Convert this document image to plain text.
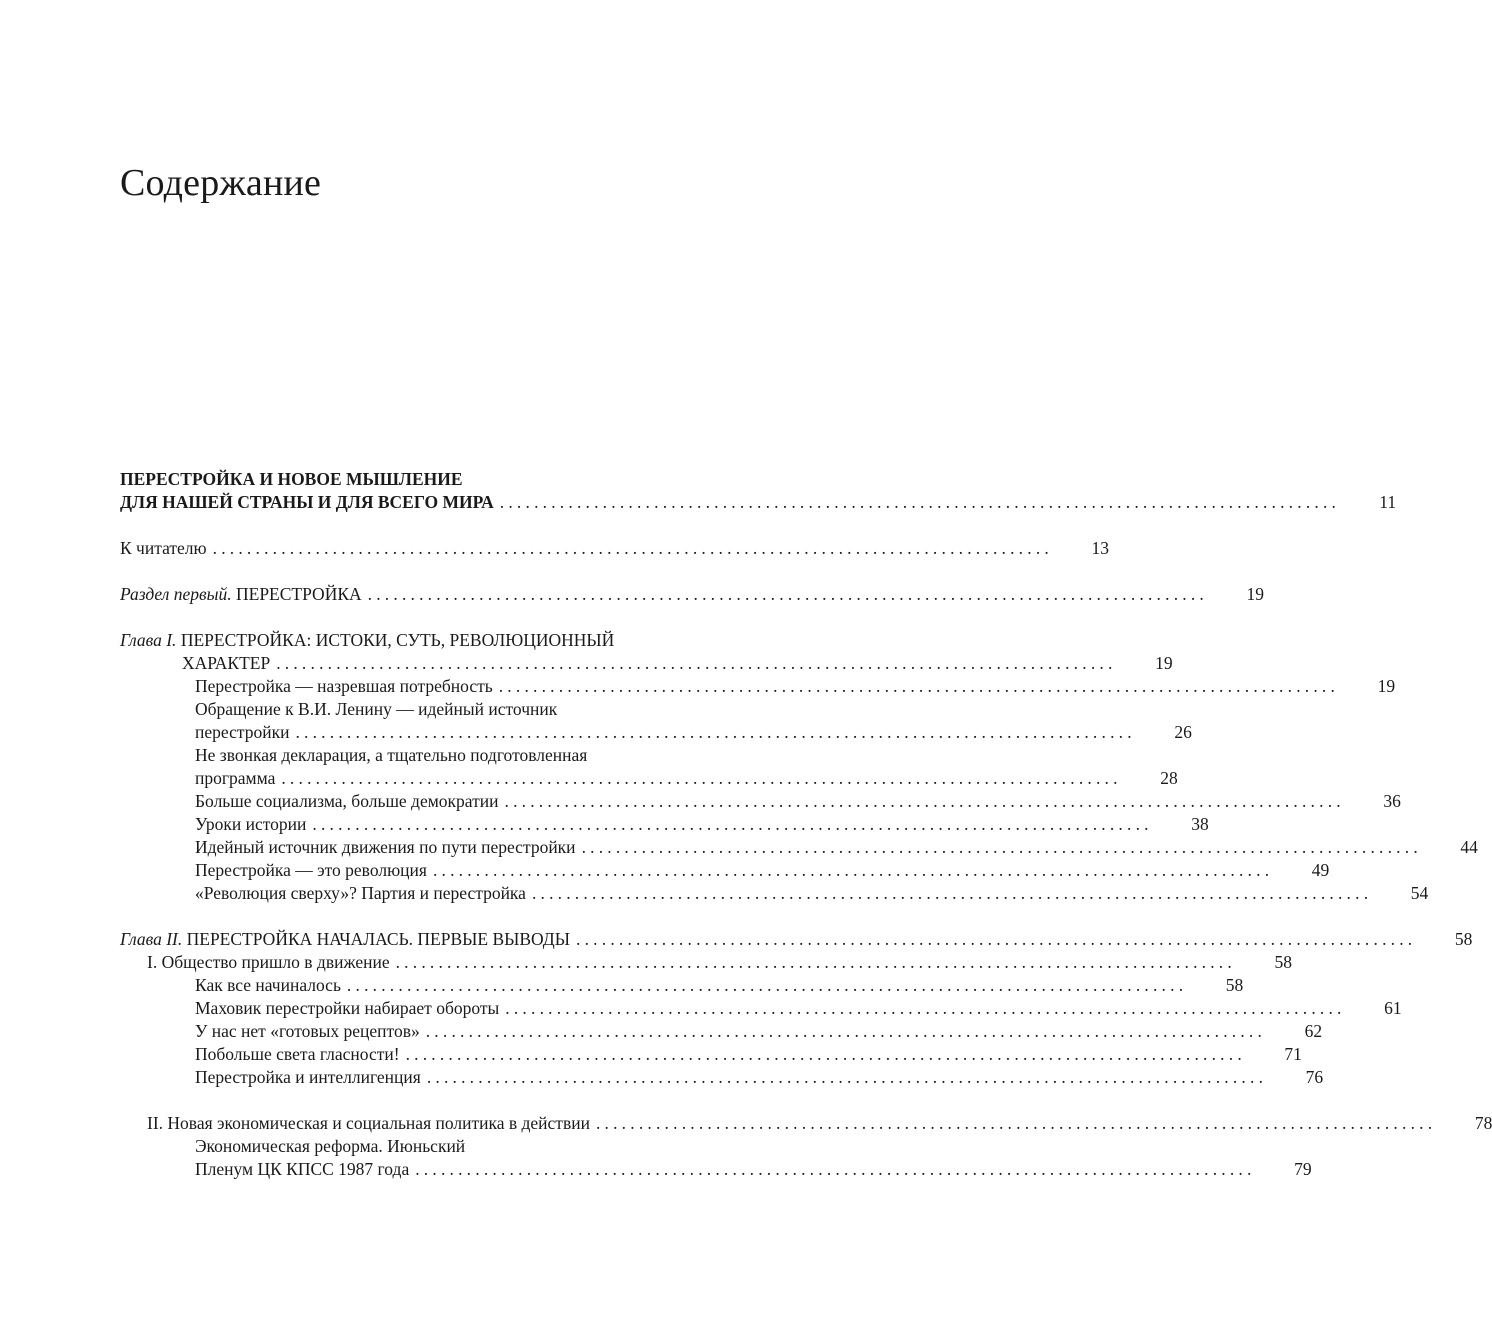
Содержание
ПЕРЕСТРОЙКА И НОВОЕ МЫШЛЕНИЕ
ДЛЯ НАШЕЙ СТРАНЫ И ДЛЯ ВСЕГО МИРА ..................................................................................................	11
К читателю ..................................................................................................	13
Раздел первый. ПЕРЕСТРОЙКА ..................................................................................................	19
Глава I. ПЕРЕСТРОЙКА: ИСТОКИ, СУТЬ, РЕВОЛЮЦИОННЫЙ
ХАРАКТЕР ..................................................................................................	19
Перестройка — назревшая потребность ..................................................................................................	19
Обращение к В.И. Ленину — идейный источник
перестройки ..................................................................................................	26
Не звонкая декларация, а тщательно подготовленная
программа ..................................................................................................	28
Больше социализма, больше демократии ..................................................................................................	36
Уроки истории ..................................................................................................	38
Идейный источник движения по пути перестройки ..................................................................................................	44
Перестройка — это революция ..................................................................................................	49
«Революция сверху»? Партия и перестройка ..................................................................................................	54
Глава II. ПЕРЕСТРОЙКА НАЧАЛАСЬ. ПЕРВЫЕ ВЫВОДЫ ..................................................................................................	58
I. Общество пришло в движение ..................................................................................................	58
Как все начиналось ..................................................................................................	58
Маховик перестройки набирает обороты ..................................................................................................	61
У нас нет «готовых рецептов» ..................................................................................................	62
Побольше света гласности! ..................................................................................................	71
Перестройка и интеллигенция ..................................................................................................	76
II. Новая экономическая и социальная политика в действии ..................................................................................................	78
Экономическая реформа. Июньский
Пленум ЦК КПСС 1987 года ..................................................................................................	79
